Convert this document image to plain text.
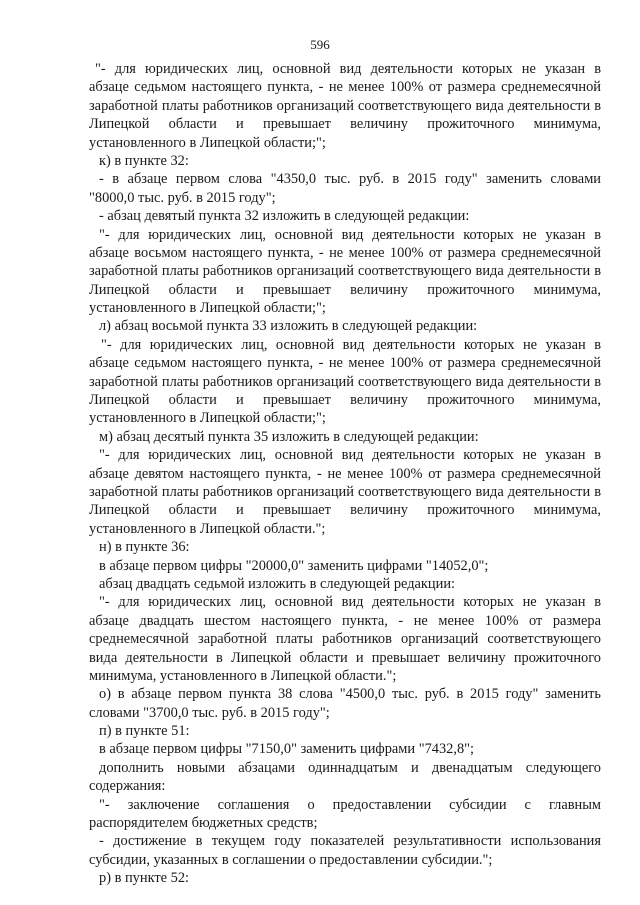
596
"- для юридических лиц, основной вид деятельности которых не указан в
абзаце седьмом настоящего пункта, - не менее 100% от размера среднемесячной
заработной платы работников организаций соответствующего вида деятельности в
Липецкой области и превышает величину прожиточного минимума,
установленного в Липецкой области;";
к) в пункте 32:
- в абзаце первом слова "4350,0 тыс. руб. в 2015 году" заменить словами
"8000,0 тыс. руб. в 2015 году";
- абзац девятый пункта 32 изложить в следующей редакции:
"- для юридических лиц, основной вид деятельности которых не указан в
абзаце восьмом настоящего пункта, - не менее 100% от размера среднемесячной
заработной платы работников организаций соответствующего вида деятельности в
Липецкой области и превышает величину прожиточного минимума,
установленного в Липецкой области;";
л) абзац восьмой пункта 33 изложить в следующей редакции:
"- для юридических лиц, основной вид деятельности которых не указан в
абзаце седьмом настоящего пункта, - не менее 100% от размера среднемесячной
заработной платы работников организаций соответствующего вида деятельности в
Липецкой области и превышает величину прожиточного минимума,
установленного в Липецкой области;";
м) абзац десятый пункта 35 изложить в следующей редакции:
"- для юридических лиц, основной вид деятельности которых не указан в
абзаце девятом настоящего пункта, - не менее 100% от размера среднемесячной
заработной платы работников организаций соответствующего вида деятельности в
Липецкой области и превышает величину прожиточного минимума,
установленного в Липецкой области.";
н) в пункте 36:
в абзаце первом цифры "20000,0" заменить цифрами "14052,0";
абзац двадцать седьмой изложить в следующей редакции:
"- для юридических лиц, основной вид деятельности которых не указан в
абзаце двадцать шестом настоящего пункта, - не менее 100% от размера
среднемесячной заработной платы работников организаций соответствующего
вида деятельности в Липецкой области и превышает величину прожиточного
минимума, установленного в Липецкой области.";
о) в абзаце первом пункта 38 слова "4500,0 тыс. руб. в 2015 году" заменить
словами "3700,0 тыс. руб. в 2015 году";
п) в пункте 51:
в абзаце первом цифры "7150,0" заменить цифрами "7432,8";
дополнить новыми абзацами одиннадцатым и двенадцатым следующего
содержания:
"- заключение соглашения о предоставлении субсидии с главным
распорядителем бюджетных средств;
- достижение в текущем году показателей результативности использования
субсидии, указанных в соглашении о предоставлении субсидии.";
р) в пункте 52:
